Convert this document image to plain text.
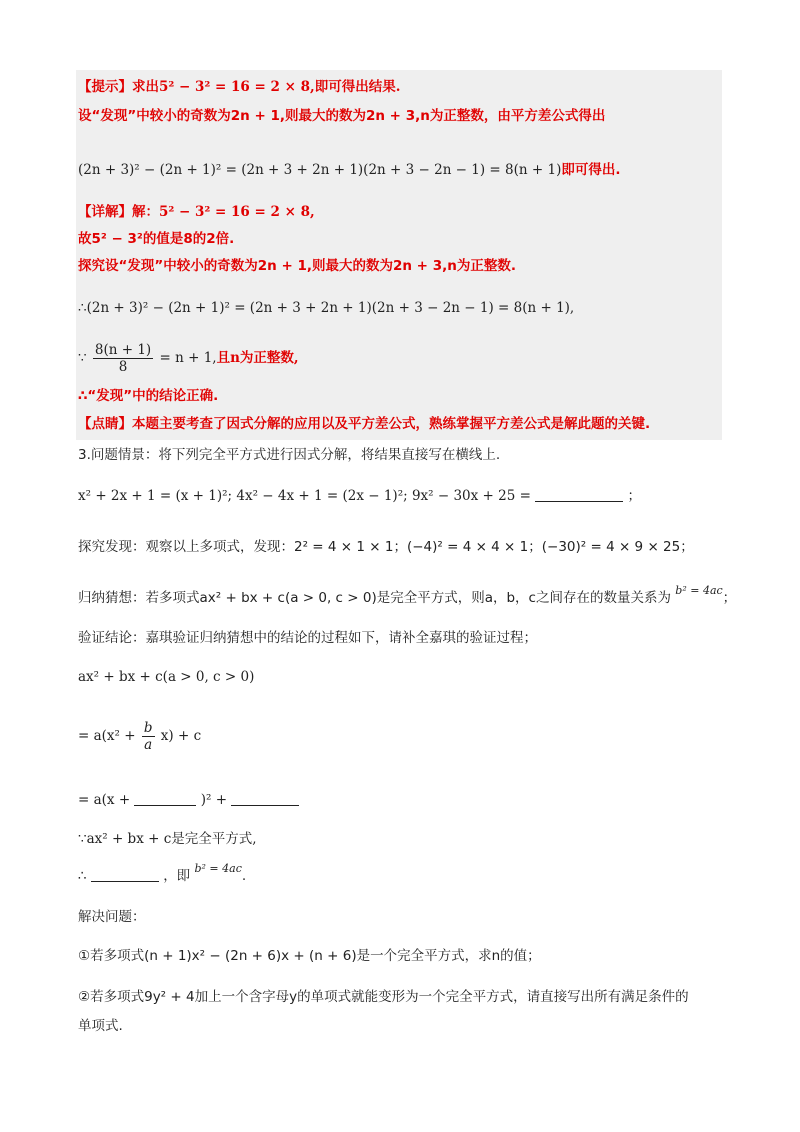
【提示】求出5² − 3² = 16 = 2 × 8,即可得出结果.
设“发现”中较小的奇数为2n + 1,则最大的数为2n + 3,n为正整数，由平方差公式得出
(2n + 3)² − (2n + 1)² = (2n + 3 + 2n + 1)(2n + 3 − 2n − 1) = 8(n + 1)即可得出.
【详解】解：5² − 3² = 16 = 2 × 8,
故5² − 3²的值是8的2倍.
探究设“发现”中较小的奇数为2n + 1,则最大的数为2n + 3,n为正整数.
∴(2n + 3)² − (2n + 1)² = (2n + 3 + 2n + 1)(2n + 3 − 2n − 1) = 8(n + 1),
∵ $\frac{8(n + 1)}{8} = n + 1$,且n为正整数,
∴“发现”中的结论正确.
【点睛】本题主要考查了因式分解的应用以及平方差公式，熟练掌握平方差公式是解此题的关键.
3.问题情景：将下列完全平方式进行因式分解，将结果直接写在横线上.
x² + 2x + 1 = (x + 1)²; 4x² − 4x + 1 = (2x − 1)²; 9x² − 30x + 25 =	；
探究发现：观察以上多项式，发现：2² = 4 × 1 × 1；(−4)² = 4 × 4 × 1；(−30)² = 4 × 9 × 25；
归纳猜想：若多项式ax² + bx + c(a > 0, c > 0)是完全平方式，则a，b，c之间存在的数量关系为 $^{b^2 = 4ac}$；
验证结论：嘉琪验证归纳猜想中的结论的过程如下，请补全嘉琪的验证过程；
ax² + bx + c(a > 0, c > 0)
= $a(x^2 + \frac{b}{a} x) + c$
= a(x +	)² +
∵ax² + bx + c是完全平方式,
∴	，即 $^{b^2 = 4ac}$.
解决问题：
①若多项式(n + 1)x² − (2n + 6)x + (n + 6)是一个完全平方式，求n的值；
②若多项式9y² + 4加上一个含字母y的单项式就能变形为一个完全平方式，请直接写出所有满足条件的
单项式.
